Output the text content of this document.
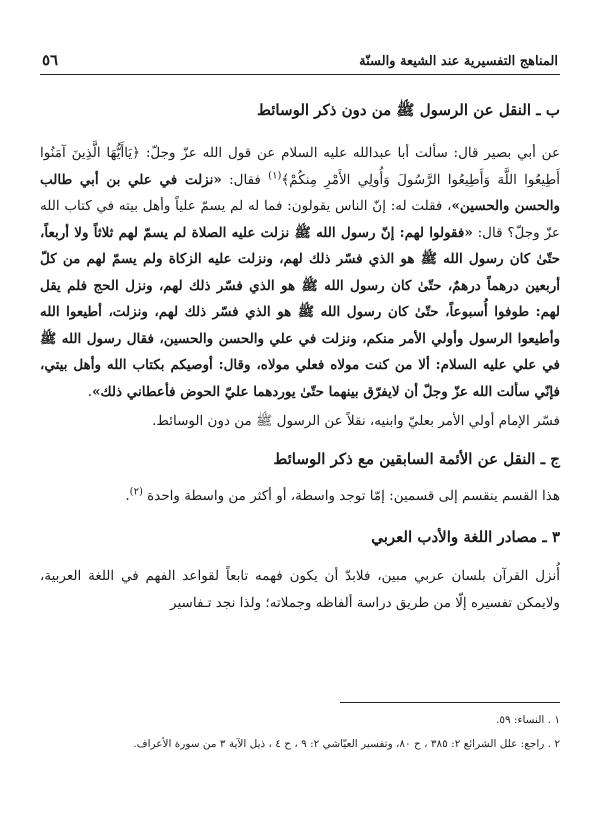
٥٦	المناهج التفسيرية عند الشيعة والسنّة

ب ـ النقل عن الرسول ﷺ من دون ذكر الوسائط

عن أبي بصير قال: سألت أبا عبدالله عليه السلام عن قول الله عزّ وجلّ: ﴿يَاأَيُّهَا الَّذِينَ آمَنُوا أَطِيعُوا اللَّهَ وَأَطِيعُوا الرَّسُولَ وَأُولِي الأَمْرِ مِنكُمْ﴾$^{(١)}$ فقال: «نزلت في علي بن أبي طالب والحسن والحسين»، فقلت له: إنّ الناس يقولون: فما له لم يسمّ علياً وأهل بيته في كتاب الله عزّ وجلّ؟ قال: «فقولوا لهم: إنّ رسول الله ﷺ نزلت عليه الصلاة لم يسمّ لهم ثلاثاً ولا أربعاً، حتّىٰ كان رسول الله ﷺ هو الذي فسّر ذلك لهم، ونزلت عليه الزكاة ولم يسمّ لهم من كلّ أربعين درهماً درهمٌ، حتّىٰ كان رسول الله ﷺ هو الذي فسّر ذلك لهم، ونزل الحج فلم يقل لهم: طوفوا أُسبوعاً، حتّىٰ كان رسول الله ﷺ هو الذي فسّر ذلك لهم، ونزلت، أطيعوا الله وأطيعوا الرسول وأولي الأمر منكم، ونزلت في علي والحسن والحسين، فقال رسول الله ﷺ في علي عليه السلام: ألا من كنت مولاه فعلي مولاه، وقال: أوصيكم بكتاب الله وأهل بيتي، فإنّي سألت الله عزّ وجلّ أن لايفرّق بينهما حتّىٰ يوردهما عليّ الحوض فأعطاني ذلك».

فسّر الإمام أولي الأمر بعليّ وابنيه، نقلاً عن الرسول ﷺ من دون الوسائط.

ج ـ النقل عن الأئمة السابقين مع ذكر الوسائط

هذا القسم ينقسم إلى قسمين: إمّا توجد واسطة، أو أكثر من واسطة واحدة $^{(٢)}$.

٣ ـ مصادر اللغة والأدب العربي

أُنزل القرآن بلسان عربي مبين، فلابدّ أن يكون فهمه تابعاً لقواعد الفهم في اللغة العربية، ولايمكن تفسيره إلّا من طريق دراسة ألفاظه وجملاته؛ ولذا نجد تـفاسير

١ . النساء: ٥٩.

٢ . راجع: علل الشرائع ٢: ٣٨٥ ، ح ٨٠، وتفسير العيّاشي ٢: ٩ ، ح ٤ ، ذيل الآية ٣ من سورة الأعراف.
